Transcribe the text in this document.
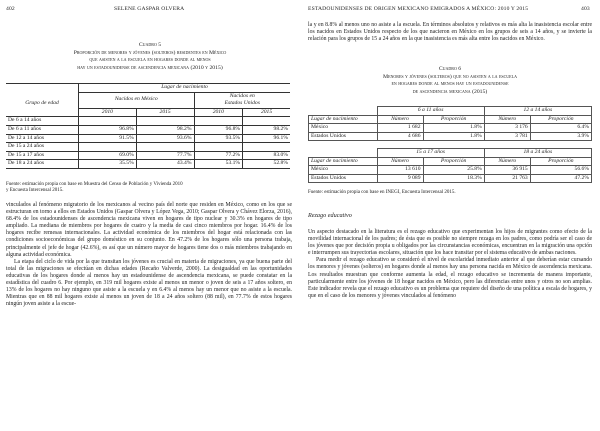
402	SELENE GASPAR OLVERA
Cuadro 5
Proporción de menores y jóvenes (solteros) residentes en México
que asisten a la escuela en hogares donde al menos
hay un estadounidense de ascendencia mexicana (2010 y 2015)
	Lugar de nacimiento			
Grupo de edad	Nacidos en México		Nacidos en	
			Estados Unidos	
	2010	2015	2010	2015
De 6 a 14 años				
De 6 a 11 años	96.8%	98.2%	96.8%	98.2%
De 12 a 14 años	91.5%	93.6%	93.5%	96.1%
De 15 a 24 años				
De 15 a 17 años	69.0%	77.7%	77.2%	83.0%
De 18 a 24 años	35.5%	43.4%	53.1%	52.8%
Fuente: estimación propia con base en Muestra del Censo de Población y Vivienda 2010
y Encuesta Intercensal 2015.

vinculados al fenómeno migratorio de los mexicanos al vecino país del norte que residen en México, como en los que se estructuran en torno a ellos en Estados Unidos (Gaspar Olvera y López Vega, 2010; Gaspar Olvera y Chávez Elorza, 2016), 68.4% de los estadounidenses de ascendencia mexicana viven en hogares de tipo nuclear y 30.3% en hogares de tipo ampliado. La mediana de miembros por hogares de cuatro y la media de casi cinco miembros por hogar. 16.4% de los hogares recibe remesas internacionales. La actividad económica de los miembros del hogar está relacionada con las condiciones socioeconómicas del grupo doméstico en su conjunto. En 47.2% de los hogares sólo una persona trabaja, principalmente el jefe de hogar (42.6%), es así que un número mayor de hogares tiene dos o más miembros trabajando en alguna actividad económica.

La etapa del ciclo de vida por la que transitan los jóvenes es crucial en materia de migraciones, ya que buena parte del total de las migraciones se efectúan en dichas edades (Recaño Valverde, 2000). La desigualdad en las oportunidades educativas de los hogares donde al menos hay un estadounidense de ascendencia mexicana, se puede constatar en la estadística del cuadro 6. Por ejemplo, en 319 mil hogares existe al menos un menor o joven de seis a 17 años soltero, en 13% de los hogares no hay ninguno que asiste a la escuela y en 6.4% al menos hay un menor que no asiste a la escuela. Mientras que en 88 mil hogares existe al menos un joven de 18 a 24 años soltero (88 mil), en 77.7% de estos hogares ningún joven asiste a la escue-

ESTADOUNIDENSES DE ORIGEN MEXICANO EMIGRADOS A MÉXICO: 2010 Y 2015	403

la y en 8.8% al menos uno no asiste a la escuela. En términos absolutos y relativos es más alta la inasistencia escolar entre los nacidos en Estados Unidos respecto de los que nacieron en México en los grupos de seis a 14 años, y se invierte la relación para los grupos de 15 a 24 años en la que inasistencia es más alta entre los nacidos en México.

Cuadro 6
Menores y jóvenes (solteros) que no asisten a la escuela
en hogares donde al menos hay un estadounidense
de ascendencia mexicana (2015)
	6 a 11 años		12 a 14 años	
Lugar de nacimiento	Número	Proporción	Número	Proporción
México	1 682	1.8%	3 176	6.4%
Estados Unidos	4 686	1.8%	3 781	3.9%
	15 a 17 años		18 a 24 años	
Lugar de nacimiento	Número	Proporción	Número	Proporción
México	13 610	25.8%	36 915	56.6%
Estados Unidos	9 089	18.3%	21 763	47.2%
Fuente: estimación propia con base en INEGI, Encuesta Intercensal 2015.
Rezago educativo

Un aspecto destacado en la literatura es el rezago educativo que experimentan los hijos de migrantes como efecto de la movilidad internacional de los padres; de ésta que es posible no siempre rezaga en los padres, como podría ser el caso de los jóvenes que por decisión propia u obligados por las circunstancias económicas, encuentran en la migración una opción e interrumpen sus trayectorias escolares, situación que los hace transitar por el sistema educativo de ambas naciones.

Para medir el rezago educativo se consideró el nivel de escolaridad inmediato anterior al que deberían estar cursando los menores y jóvenes (solteros) en hogares donde al menos hay una persona nacida en México de ascendencia mexicana. Los resultados muestran que conforme aumenta la edad, el rezago educativo se incrementa de manera importante, particularmente entre los jóvenes de 18 hogar nacidos en México, pero las diferencias entre unos y otros no son amplias. Este indicador revela que el rezago educativo es un problema que requiere del diseño de una política a escala de hogares, y que en el caso de los menores y jóvenes vinculados al fenómeno
